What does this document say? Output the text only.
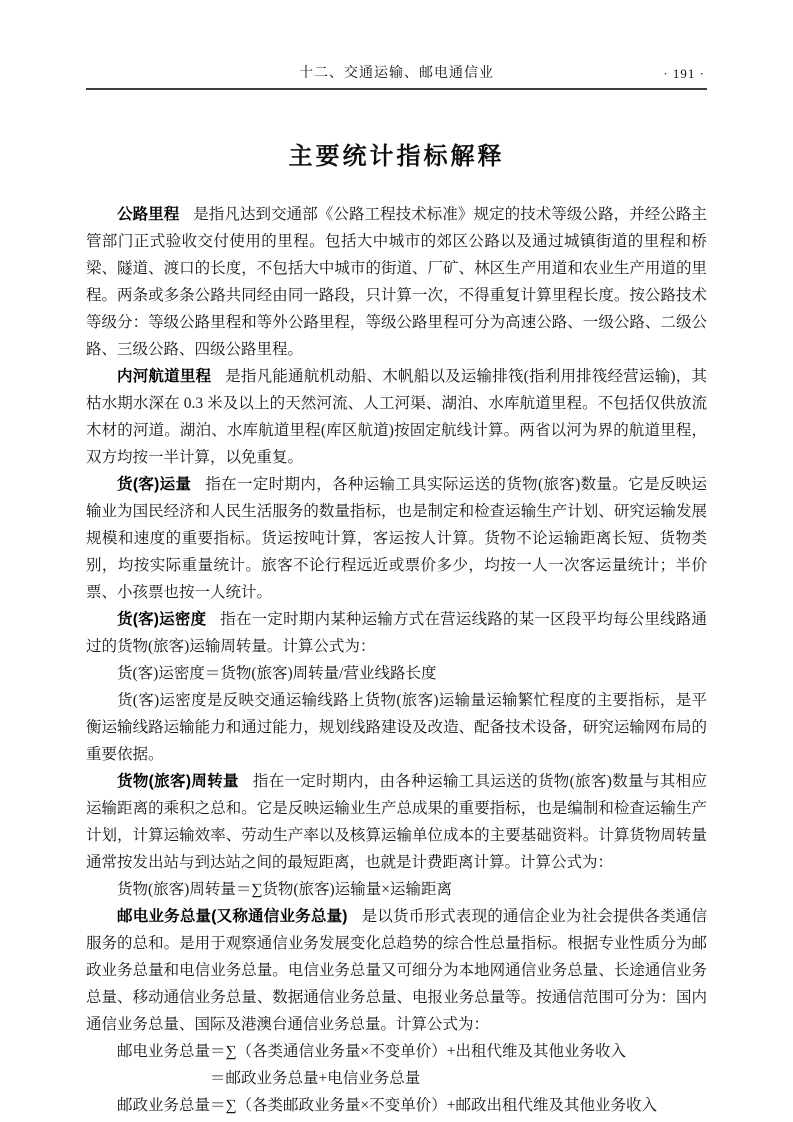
十二、交通运输、邮电通信业	· 191 ·
主要统计指标解释

公路里程 是指凡达到交通部《公路工程技术标准》规定的技术等级公路，并经公路主管部门正式验收交付使用的里程。包括大中城市的郊区公路以及通过城镇街道的里程和桥梁、隧道、渡口的长度，不包括大中城市的街道、厂矿、林区生产用道和农业生产用道的里程。两条或多条公路共同经由同一路段，只计算一次，不得重复计算里程长度。按公路技术等级分：等级公路里程和等外公路里程，等级公路里程可分为高速公路、一级公路、二级公路、三级公路、四级公路里程。

内河航道里程 是指凡能通航机动船、木帆船以及运输排筏(指利用排筏经营运输)，其枯水期水深在 0.3 米及以上的天然河流、人工河渠、湖泊、水库航道里程。不包括仅供放流木材的河道。湖泊、水库航道里程(库区航道)按固定航线计算。两省以河为界的航道里程，双方均按一半计算，以免重复。

货(客)运量 指在一定时期内，各种运输工具实际运送的货物(旅客)数量。它是反映运输业为国民经济和人民生活服务的数量指标，也是制定和检查运输生产计划、研究运输发展规模和速度的重要指标。货运按吨计算，客运按人计算。货物不论运输距离长短、货物类别，均按实际重量统计。旅客不论行程远近或票价多少，均按一人一次客运量统计；半价票、小孩票也按一人统计。

货(客)运密度 指在一定时期内某种运输方式在营运线路的某一区段平均每公里线路通过的货物(旅客)运输周转量。计算公式为：

货(客)运密度＝货物(旅客)周转量/营业线路长度

货(客)运密度是反映交通运输线路上货物(旅客)运输量运输繁忙程度的主要指标，是平衡运输线路运输能力和通过能力，规划线路建设及改造、配备技术设备，研究运输网布局的重要依据。

货物(旅客)周转量 指在一定时期内，由各种运输工具运送的货物(旅客)数量与其相应运输距离的乘积之总和。它是反映运输业生产总成果的重要指标，也是编制和检查运输生产计划，计算运输效率、劳动生产率以及核算运输单位成本的主要基础资料。计算货物周转量通常按发出站与到达站之间的最短距离，也就是计费距离计算。计算公式为：

货物(旅客)周转量＝∑货物(旅客)运输量×运输距离

邮电业务总量(又称通信业务总量) 是以货币形式表现的通信企业为社会提供各类通信服务的总和。是用于观察通信业务发展变化总趋势的综合性总量指标。根据专业性质分为邮政业务总量和电信业务总量。电信业务总量又可细分为本地网通信业务总量、长途通信业务总量、移动通信业务总量、数据通信业务总量、电报业务总量等。按通信范围可分为：国内通信业务总量、国际及港澳台通信业务总量。计算公式为：

邮电业务总量＝∑（各类通信业务量×不变单价）+出租代维及其他业务收入

＝邮政业务总量+电信业务总量

邮政业务总量＝∑（各类邮政业务量×不变单价）+邮政出租代维及其他业务收入
